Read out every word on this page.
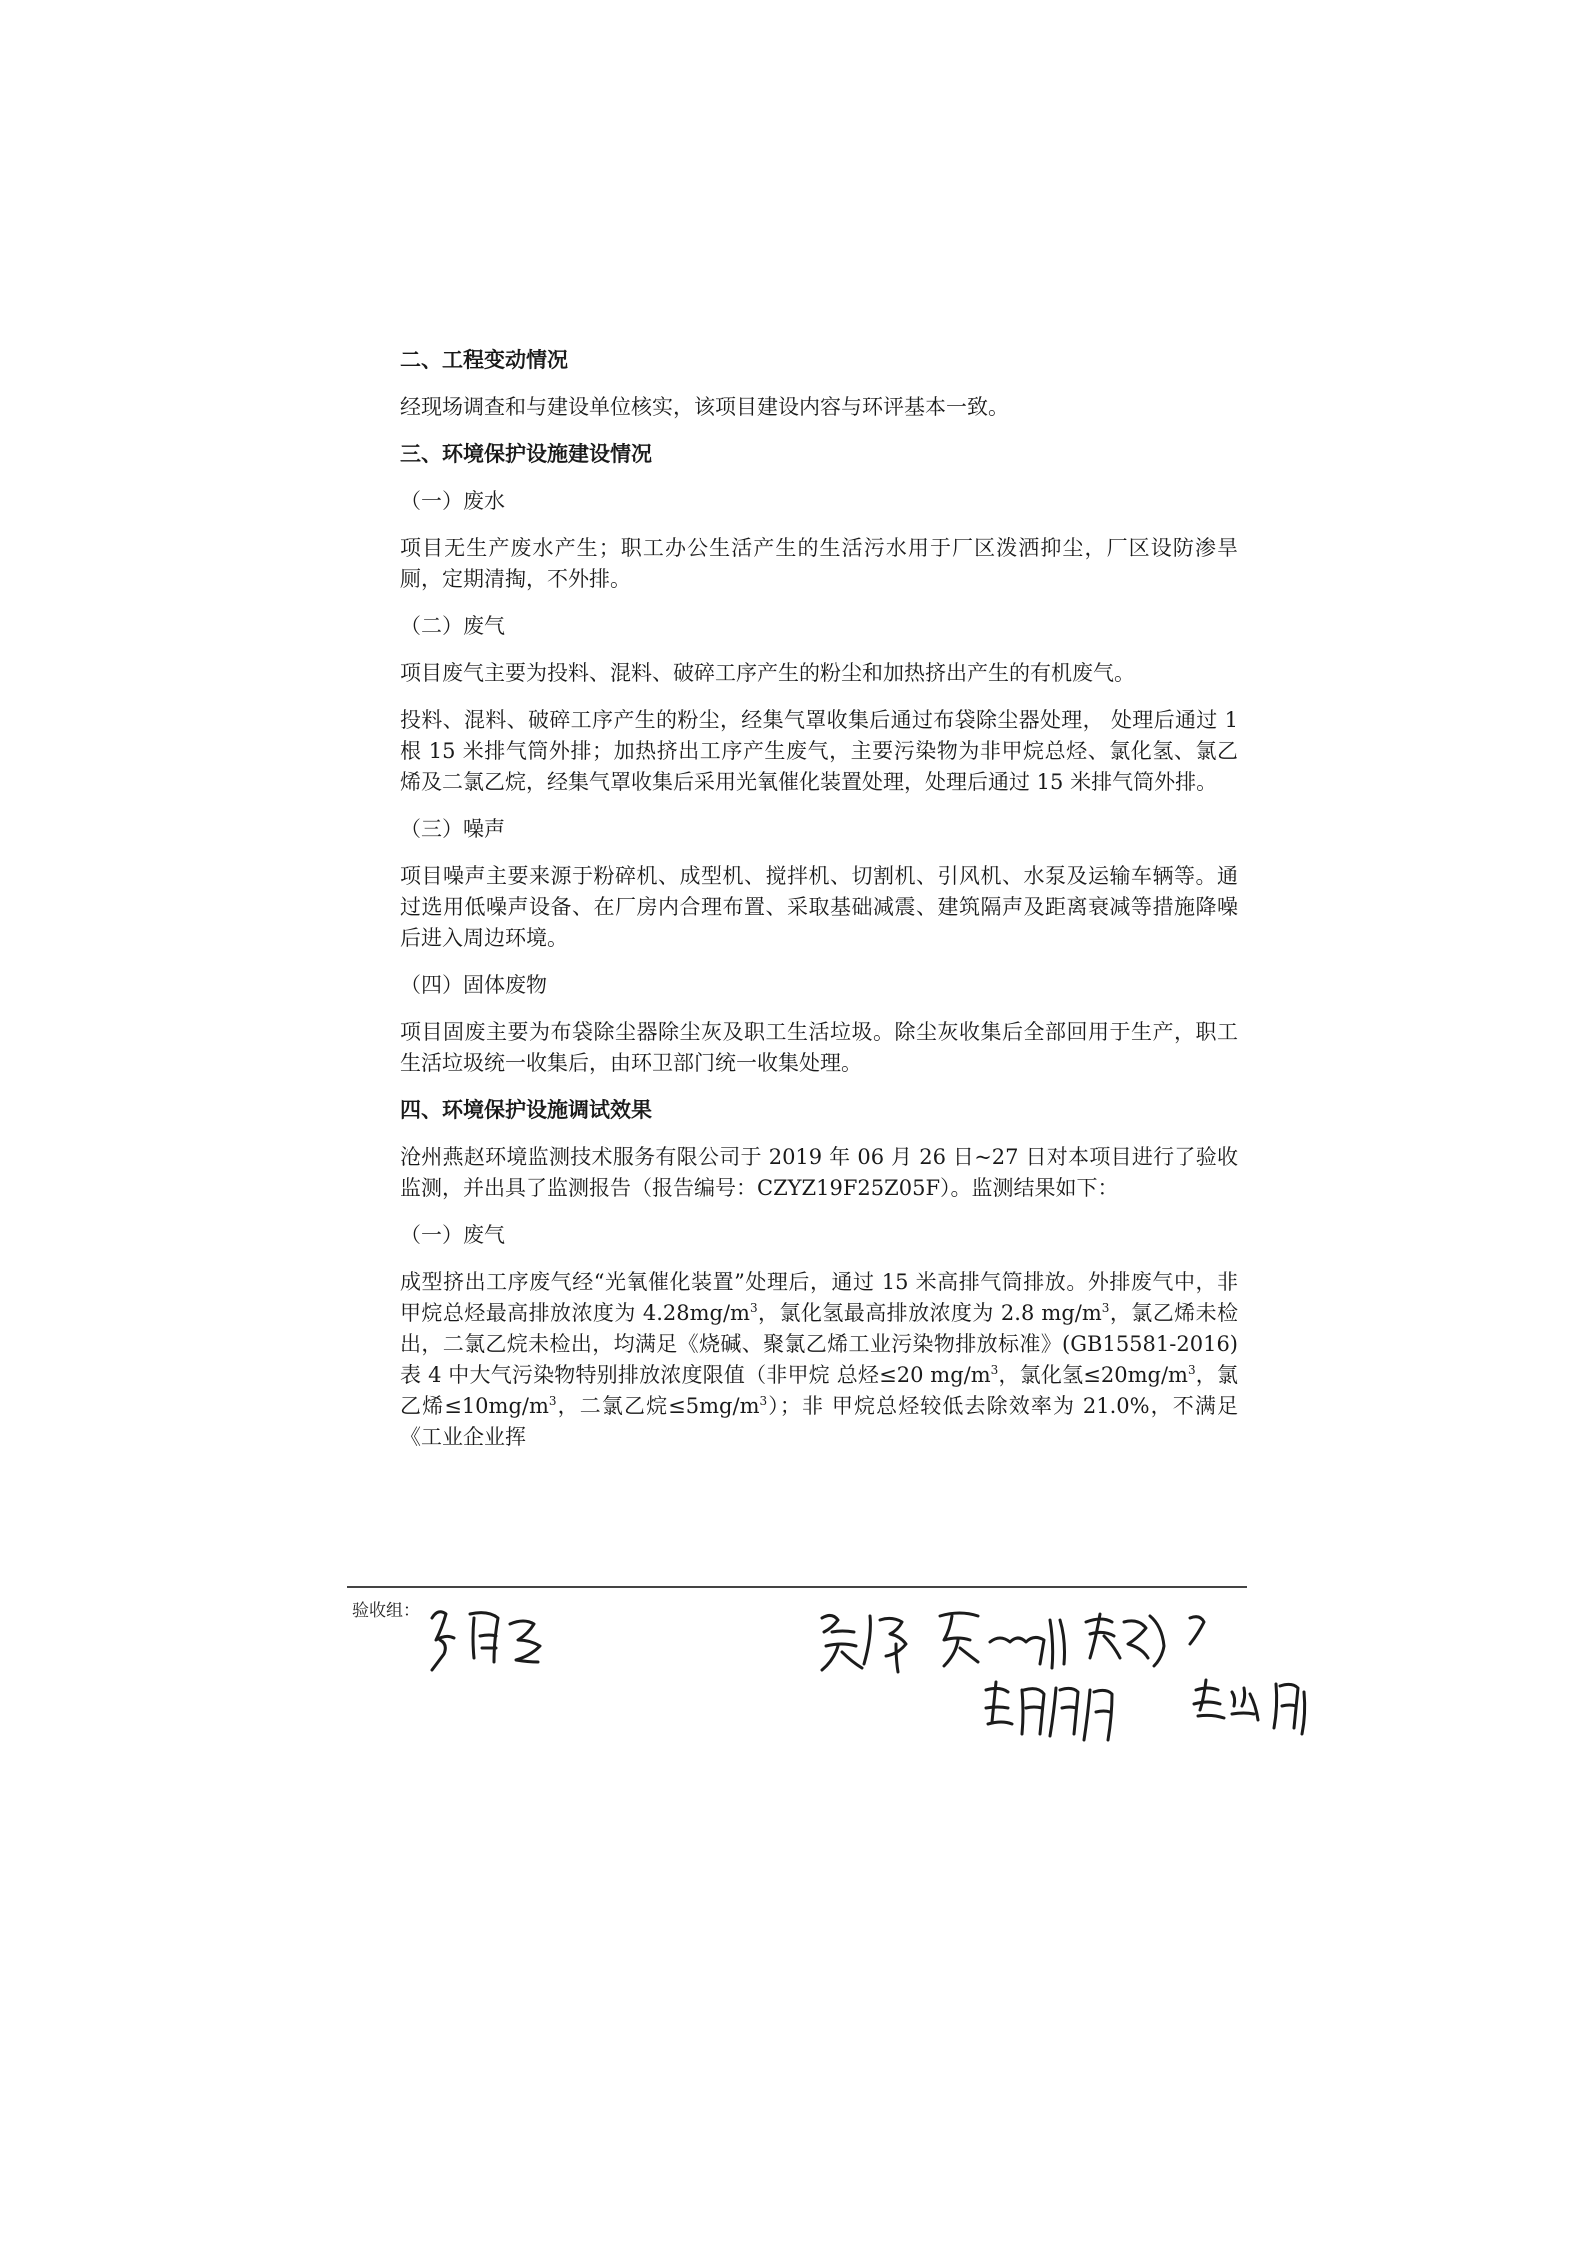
二、工程变动情况
经现场调查和与建设单位核实，该项目建设内容与环评基本一致。
三、环境保护设施建设情况
（一）废水
项目无生产废水产生；职工办公生活产生的生活污水用于厂区泼洒抑尘，厂区设防渗旱厕，定期清掏，不外排。
（二）废气
项目废气主要为投料、混料、破碎工序产生的粉尘和加热挤出产生的有机废气。
投料、混料、破碎工序产生的粉尘，经集气罩收集后通过布袋除尘器处理， 处理后通过 1 根 15 米排气筒外排；加热挤出工序产生废气，主要污染物为非甲烷总烃、氯化氢、氯乙烯及二氯乙烷，经集气罩收集后采用光氧催化装置处理，处理后通过 15 米排气筒外排。
（三）噪声
项目噪声主要来源于粉碎机、成型机、搅拌机、切割机、引风机、水泵及运输车辆等。通过选用低噪声设备、在厂房内合理布置、采取基础减震、建筑隔声及距离衰减等措施降噪后进入周边环境。
（四）固体废物
项目固废主要为布袋除尘器除尘灰及职工生活垃圾。除尘灰收集后全部回用于生产，职工生活垃圾统一收集后，由环卫部门统一收集处理。
四、环境保护设施调试效果
沧州燕赵环境监测技术服务有限公司于 2019 年 06 月 26 日~27 日对本项目进行了验收监测，并出具了监测报告（报告编号：CZYZ19F25Z05F）。监测结果如下：
（一）废气
成型挤出工序废气经“光氧催化装置”处理后，通过 15 米高排气筒排放。外排废气中，非甲烷总烃最高排放浓度为 $4.28mg/m^3$，氯化氢最高排放浓度为 2.8 $mg/m^3$，氯乙烯未检出，二氯乙烷未检出，均满足《烧碱、聚氯乙烯工业污染物排放标准》(GB15581-2016)表 4 中大气污染物特别排放浓度限值（非甲烷 总烃≤20 $mg/m^3$，氯化氢$\le 20mg/m^3$，氯乙烯$\le 10mg/m^3$，二氯乙烷$\le 5mg/m^3$）；非 甲烷总烃较低去除效率为 21.0%，不满足《工业企业挥
验收组：
